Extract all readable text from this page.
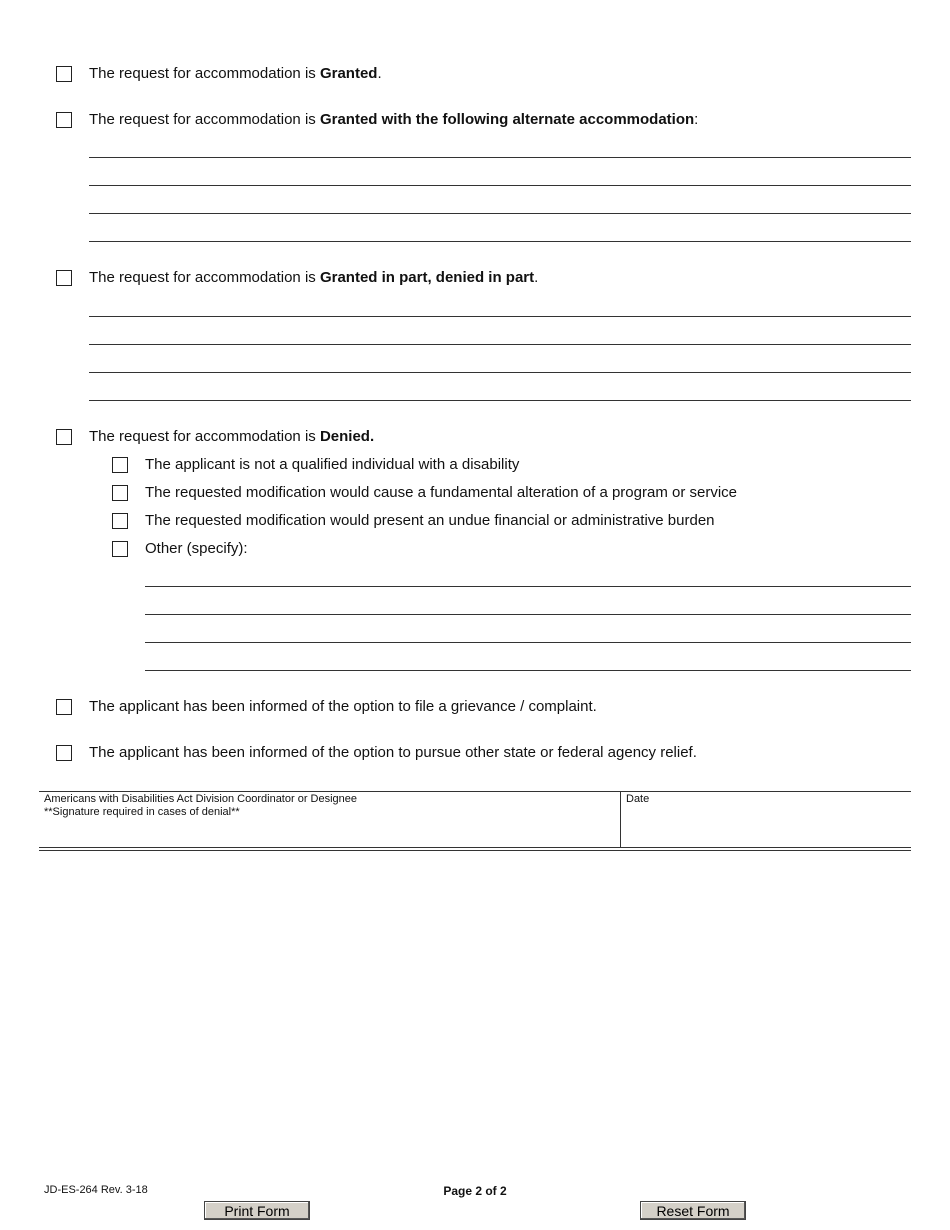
The request for accommodation is Granted.
The request for accommodation is Granted with the following alternate accommodation:
The request for accommodation is Granted in part, denied in part.
The request for accommodation is Denied.
The applicant is not a qualified individual with a disability
The requested modification would cause a fundamental alteration of a program or service
The requested modification would present an undue financial or administrative burden
Other (specify):
The applicant has been informed of the option to file a grievance / complaint.
The applicant has been informed of the option to pursue other state or federal agency relief.
Americans with Disabilities Act Division Coordinator or Designee
**Signature required in cases of denial**
Date
JD-ES-264 Rev. 3-18	Page 2 of 2
Print Form	Reset Form
